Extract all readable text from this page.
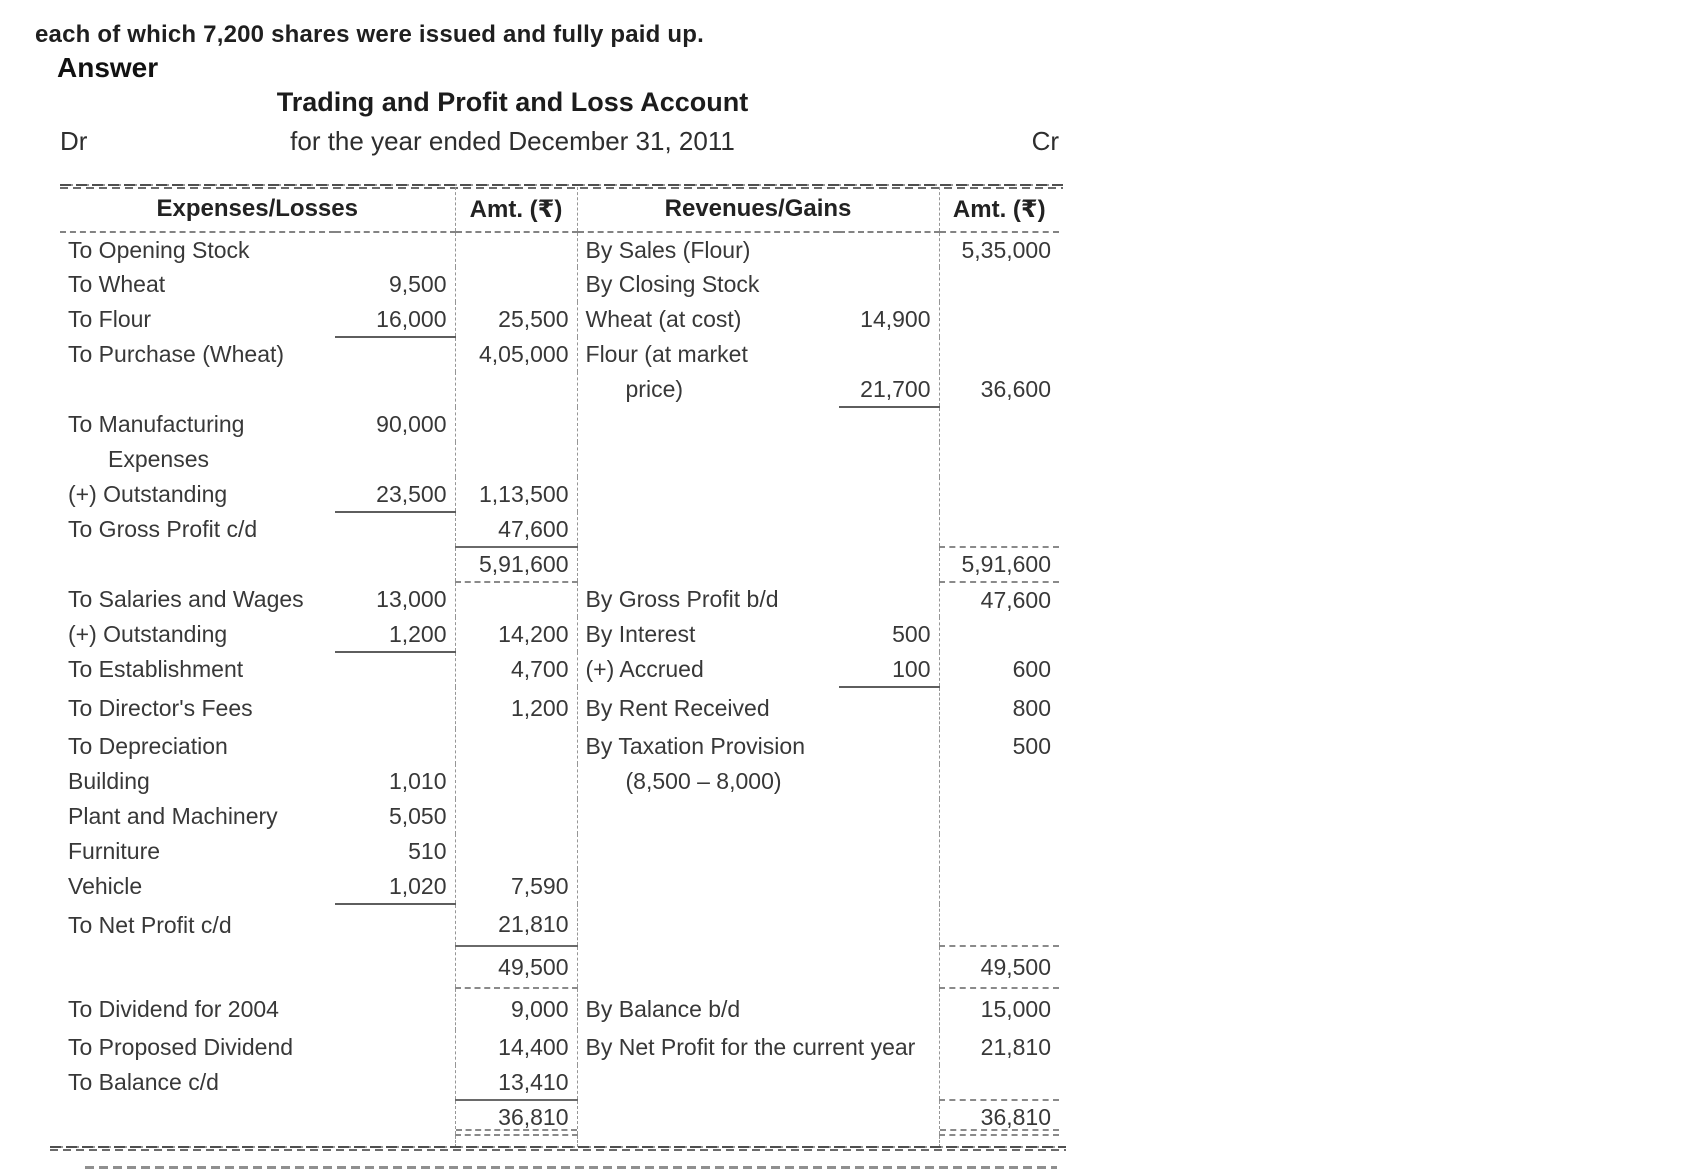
each of which 7,200 shares were issued and fully paid up.
Answer
Trading and Profit and Loss Account
Dr	for the year ended December 31, 2011	Cr
Expenses/Losses		Amt. (₹)	Revenues/Gains		Amt. (₹)
To Opening Stock			By Sales (Flour)		5,35,000
To Wheat	9,500		By Closing Stock		
To Flour	16,000	25,500	Wheat (at cost)	14,900	
To Purchase (Wheat)		4,05,000	Flour (at market		
			price)	21,700	36,600
To Manufacturing	90,000				
Expenses					
(+) Outstanding	23,500	1,13,500			
To Gross Profit c/d		47,600			
		5,91,600			5,91,600
To Salaries and Wages	13,000		By Gross Profit b/d		47,600
(+) Outstanding	1,200	14,200	By Interest	500	
To Establishment		4,700	(+) Accrued	100	600
To Director's Fees		1,200	By Rent Received		800
To Depreciation			By Taxation Provision		500
Building	1,010		(8,500 – 8,000)		
Plant and Machinery	5,050				
Furniture	510				
Vehicle	1,020	7,590			
To Net Profit c/d		21,810			
		49,500			49,500
To Dividend for 2004		9,000	By Balance b/d		15,000
To Proposed Dividend		14,400	By Net Profit for the current year		21,810
To Balance c/d		13,410			
		36,810			36,810
